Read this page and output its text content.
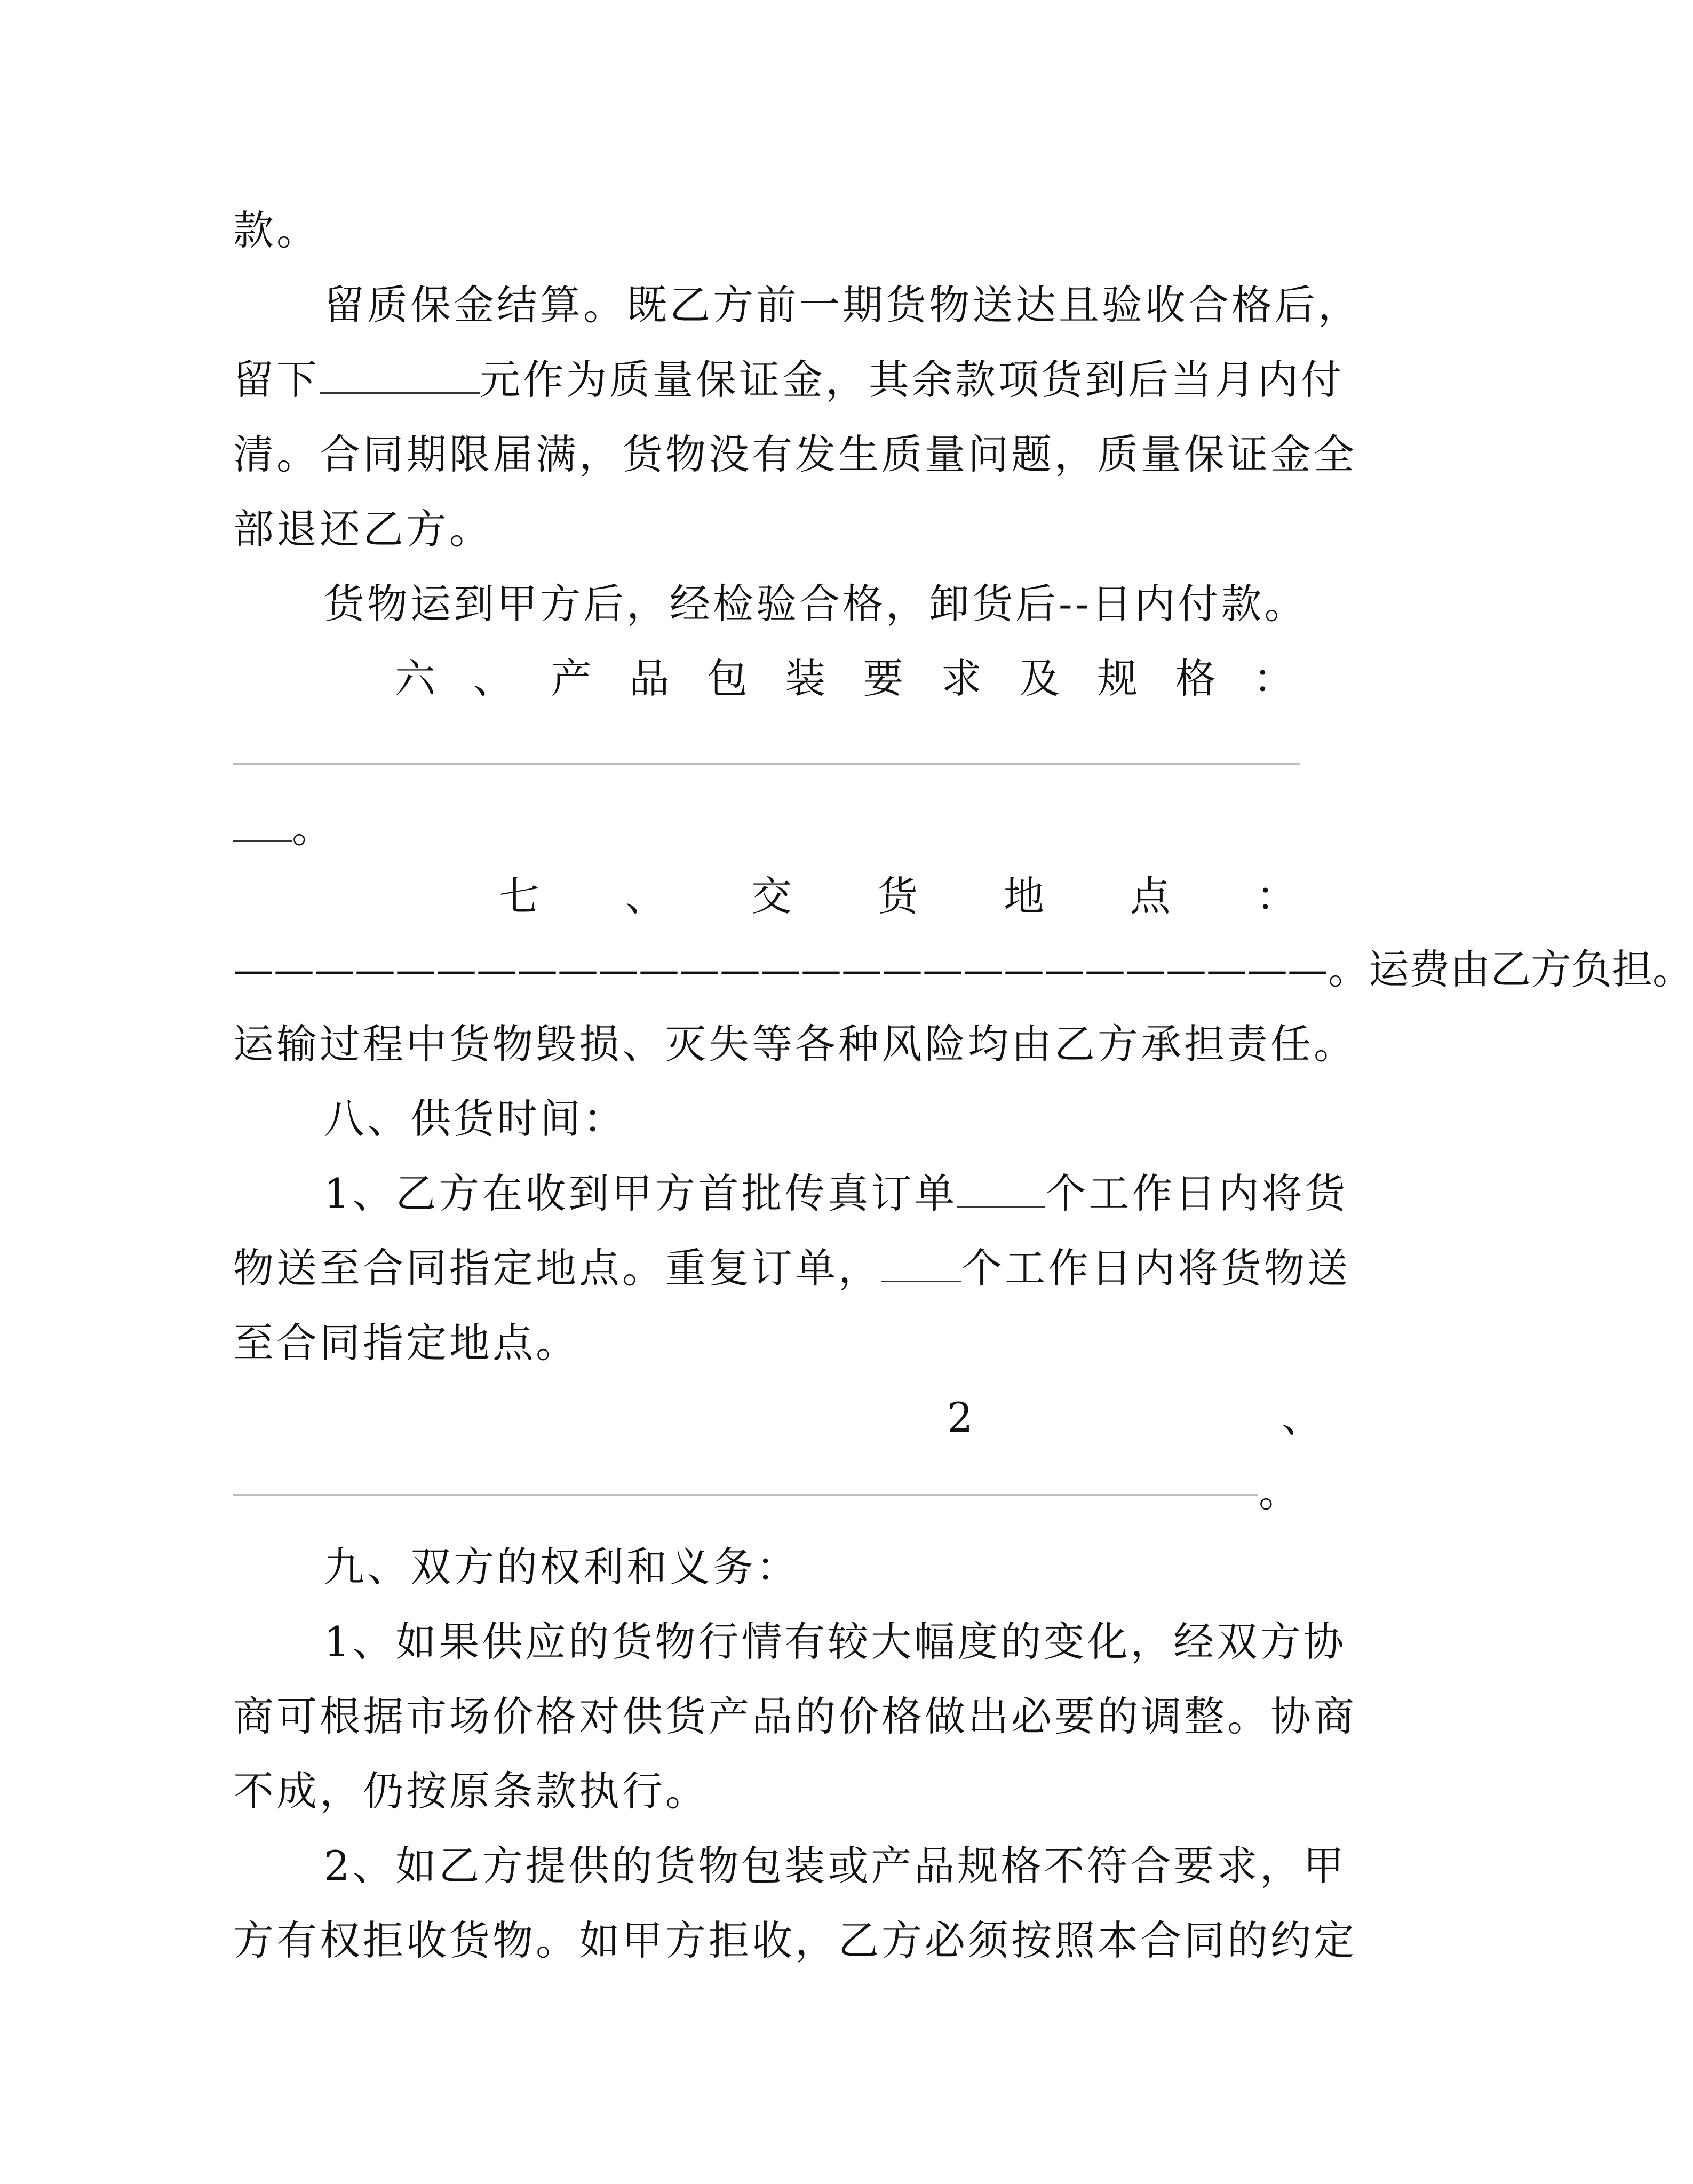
款。
留质保金结算。既乙方前一期货物送达且验收合格后，
留下	元作为质量保证金，其余款项货到后当月内付
清。合同期限届满，货物没有发生质量问题，质量保证金全
部退还乙方。
货物运到甲方后，经检验合格，卸货后--日内付款。
六 、 产 品 包 装 要 求 及 规 格 ：
。
七 、 交 货 地 点 ：
———————————————————————————。运费由乙方负担。
运输过程中货物毁损、灭失等各种风险均由乙方承担责任。
八、供货时间：
1、乙方在收到甲方首批传真订单 个工作日内将货
物送至合同指定地点。重复订单， 个工作日内将货物送
至合同指定地点。
2	、
。
九、双方的权利和义务：
1、如果供应的货物行情有较大幅度的变化，经双方协
商可根据市场价格对供货产品的价格做出必要的调整。协商
不成，仍按原条款执行。
2、如乙方提供的货物包装或产品规格不符合要求，甲
方有权拒收货物。如甲方拒收，乙方必须按照本合同的约定
